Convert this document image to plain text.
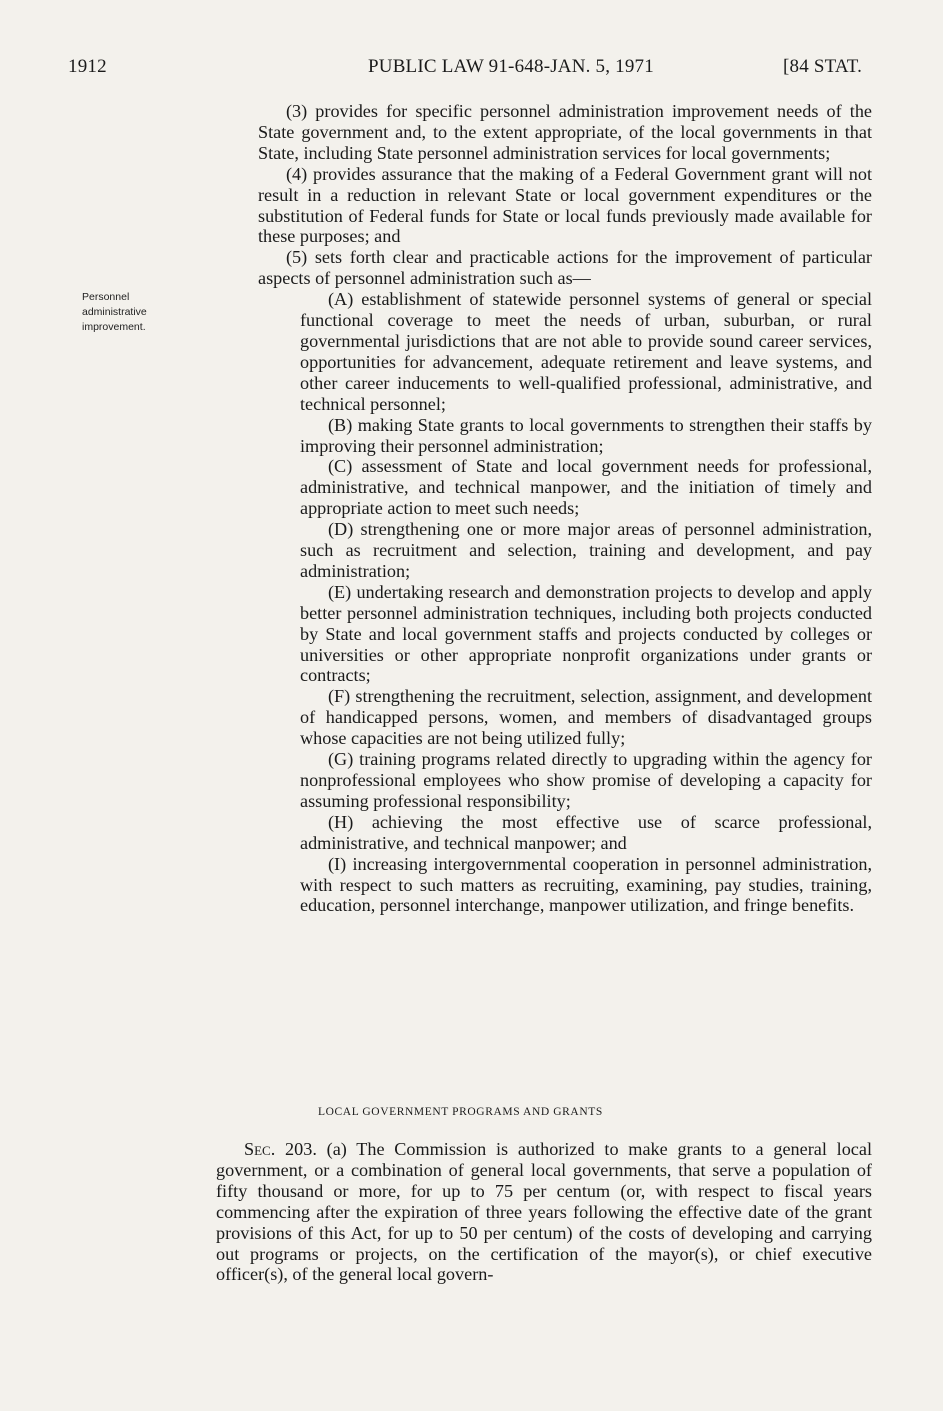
1912	PUBLIC LAW 91-648-JAN. 5, 1971	[84 STAT.
Personnel administrative improvement.

(3) provides for specific personnel administration improvement needs of the State government and, to the extent appropriate, of the local governments in that State, including State personnel administration services for local governments;

(4) provides assurance that the making of a Federal Government grant will not result in a reduction in relevant State or local government expenditures or the substitution of Federal funds for State or local funds previously made available for these purposes; and

(5) sets forth clear and practicable actions for the improvement of particular aspects of personnel administration such as—

(A) establishment of statewide personnel systems of general or special functional coverage to meet the needs of urban, suburban, or rural governmental jurisdictions that are not able to provide sound career services, opportunities for advancement, adequate retirement and leave systems, and other career inducements to well-qualified professional, administrative, and technical personnel;

(B) making State grants to local governments to strengthen their staffs by improving their personnel administration;

(C) assessment of State and local government needs for professional, administrative, and technical manpower, and the initiation of timely and appropriate action to meet such needs;

(D) strengthening one or more major areas of personnel administration, such as recruitment and selection, training and development, and pay administration;

(E) undertaking research and demonstration projects to develop and apply better personnel administration techniques, including both projects conducted by State and local government staffs and projects conducted by colleges or universities or other appropriate nonprofit organizations under grants or contracts;

(F) strengthening the recruitment, selection, assignment, and development of handicapped persons, women, and members of disadvantaged groups whose capacities are not being utilized fully;

(G) training programs related directly to upgrading within the agency for nonprofessional employees who show promise of developing a capacity for assuming professional responsibility;

(H) achieving the most effective use of scarce professional, administrative, and technical manpower; and

(I) increasing intergovernmental cooperation in personnel administration, with respect to such matters as recruiting, examining, pay studies, training, education, personnel interchange, manpower utilization, and fringe benefits.

LOCAL GOVERNMENT PROGRAMS AND GRANTS

Sec. 203. (a) The Commission is authorized to make grants to a general local government, or a combination of general local governments, that serve a population of fifty thousand or more, for up to 75 per centum (or, with respect to fiscal years commencing after the expiration of three years following the effective date of the grant provisions of this Act, for up to 50 per centum) of the costs of developing and carrying out programs or projects, on the certification of the mayor(s), or chief executive officer(s), of the general local govern-
